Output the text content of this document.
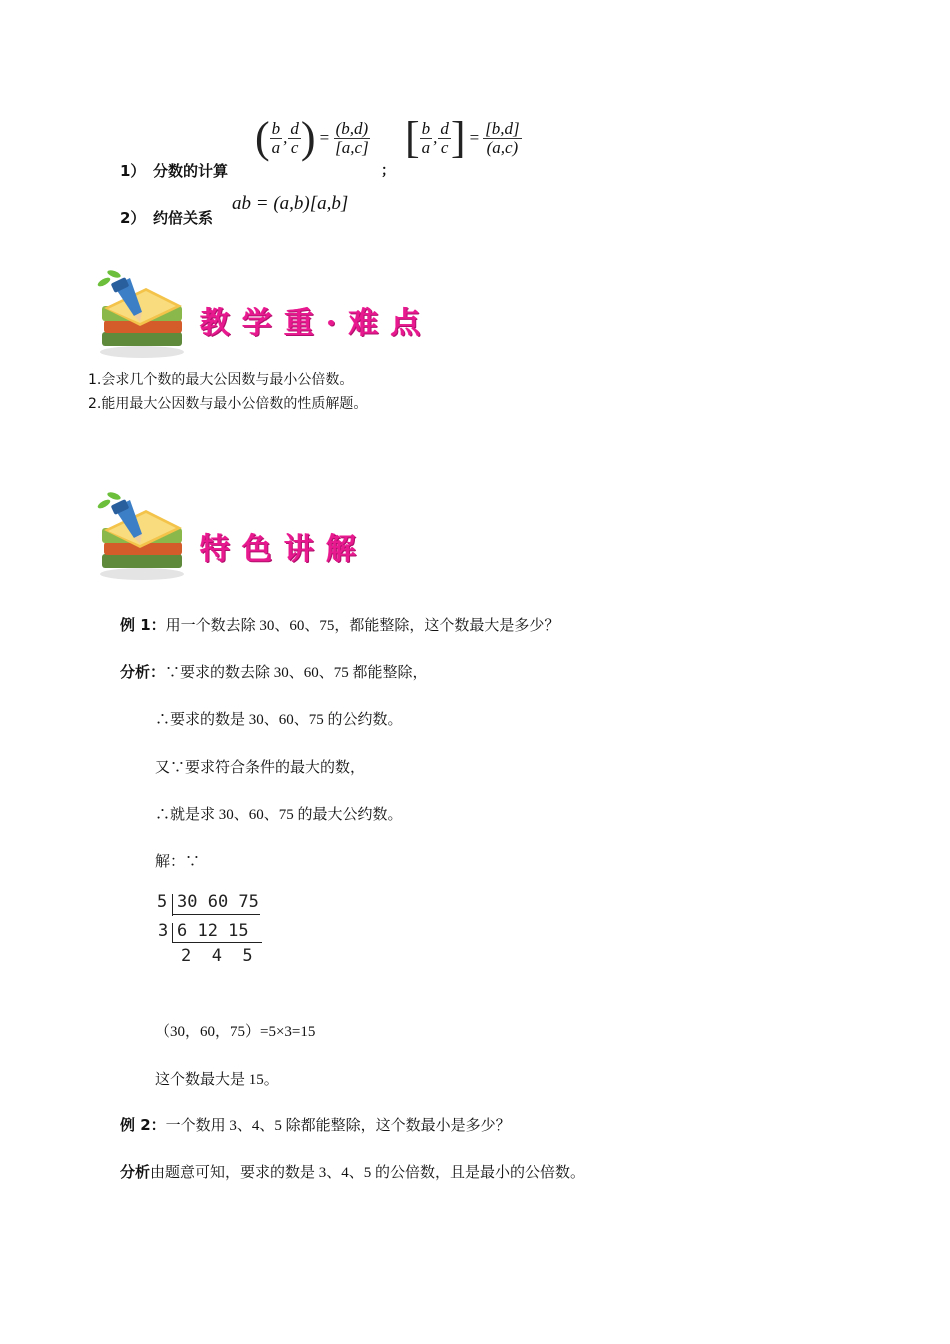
1） 分数的计算
( $\frac{b}{a}$ , $\frac{d}{c}$ ) = $\frac{(b,d)}{[a,c]}$
；
[ $\frac{b}{a}$ , $\frac{d}{c}$ ] = $\frac{[b,d]}{(a,c)}$
2） 约倍关系
ab = (a,b)[a,b]
教学重·难点
1.会求几个数的最大公因数与最小公倍数。
2.能用最大公因数与最小公倍数的性质解题。
特色讲解
例 1：用一个数去除 30、60、75，都能整除，这个数最大是多少？
分析：∵要求的数去除 30、60、75 都能整除，
∴要求的数是 30、60、75 的公约数。
又∵要求符合条件的最大的数，
∴就是求 30、60、75 的最大公约数。
解：∵
5 30 60 75
3 6 12 15
2  4  5
（30，60，75）=5×3=15
这个数最大是 15。
例 2：一个数用 3、4、5 除都能整除，这个数最小是多少？
分析由题意可知，要求的数是 3、4、5 的公倍数，且是最小的公倍数。
